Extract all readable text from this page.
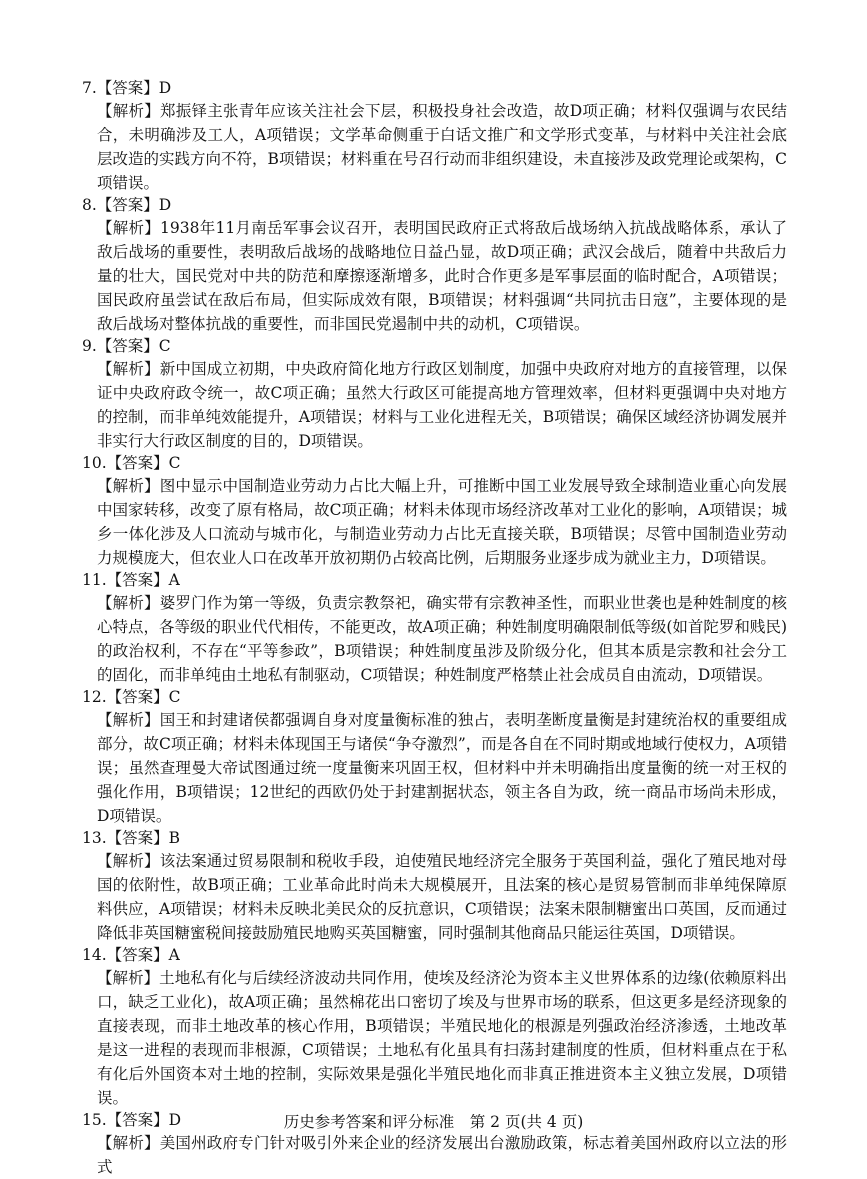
7.【答案】D
【解析】郑振铎主张青年应该关注社会下层，积极投身社会改造，故D项正确；材料仅强调与农民结合，未明确涉及工人，A项错误；文学革命侧重于白话文推广和文学形式变革，与材料中关注社会底层改造的实践方向不符，B项错误；材料重在号召行动而非组织建设，未直接涉及政党理论或架构，C项错误。
8.【答案】D
【解析】1938年11月南岳军事会议召开，表明国民政府正式将敌后战场纳入抗战战略体系，承认了敌后战场的重要性，表明敌后战场的战略地位日益凸显，故D项正确；武汉会战后，随着中共敌后力量的壮大，国民党对中共的防范和摩擦逐渐增多，此时合作更多是军事层面的临时配合，A项错误；国民政府虽尝试在敌后布局，但实际成效有限，B项错误；材料强调“共同抗击日寇”，主要体现的是敌后战场对整体抗战的重要性，而非国民党遏制中共的动机，C项错误。
9.【答案】C
【解析】新中国成立初期，中央政府简化地方行政区划制度，加强中央政府对地方的直接管理，以保证中央政府政令统一，故C项正确；虽然大行政区可能提高地方管理效率，但材料更强调中央对地方的控制，而非单纯效能提升，A项错误；材料与工业化进程无关，B项错误；确保区域经济协调发展并非实行大行政区制度的目的，D项错误。
10.【答案】C
【解析】图中显示中国制造业劳动力占比大幅上升，可推断中国工业发展导致全球制造业重心向发展中国家转移，改变了原有格局，故C项正确；材料未体现市场经济改革对工业化的影响，A项错误；城乡一体化涉及人口流动与城市化，与制造业劳动力占比无直接关联，B项错误；尽管中国制造业劳动力规模庞大，但农业人口在改革开放初期仍占较高比例，后期服务业逐步成为就业主力，D项错误。
11.【答案】A
【解析】婆罗门作为第一等级，负责宗教祭祀，确实带有宗教神圣性，而职业世袭也是种姓制度的核心特点，各等级的职业代代相传，不能更改，故A项正确；种姓制度明确限制低等级(如首陀罗和贱民)的政治权利，不存在“平等参政”，B项错误；种姓制度虽涉及阶级分化，但其本质是宗教和社会分工的固化，而非单纯由土地私有制驱动，C项错误；种姓制度严格禁止社会成员自由流动，D项错误。
12.【答案】C
【解析】国王和封建诸侯都强调自身对度量衡标准的独占，表明垄断度量衡是封建统治权的重要组成部分，故C项正确；材料未体现国王与诸侯“争夺激烈”，而是各自在不同时期或地域行使权力，A项错误；虽然查理曼大帝试图通过统一度量衡来巩固王权，但材料中并未明确指出度量衡的统一对王权的强化作用，B项错误；12世纪的西欧仍处于封建割据状态，领主各自为政，统一商品市场尚未形成，D项错误。
13.【答案】B
【解析】该法案通过贸易限制和税收手段，迫使殖民地经济完全服务于英国利益，强化了殖民地对母国的依附性，故B项正确；工业革命此时尚未大规模展开，且法案的核心是贸易管制而非单纯保障原料供应，A项错误；材料未反映北美民众的反抗意识，C项错误；法案未限制糖蜜出口英国，反而通过降低非英国糖蜜税间接鼓励殖民地购买英国糖蜜，同时强制其他商品只能运往英国，D项错误。
14.【答案】A
【解析】土地私有化与后续经济波动共同作用，使埃及经济沦为资本主义世界体系的边缘(依赖原料出口，缺乏工业化)，故A项正确；虽然棉花出口密切了埃及与世界市场的联系，但这更多是经济现象的直接表现，而非土地改革的核心作用，B项错误；半殖民地化的根源是列强政治经济渗透，土地改革是这一进程的表现而非根源，C项错误；土地私有化虽具有扫荡封建制度的性质，但材料重点在于私有化后外国资本对土地的控制，实际效果是强化半殖民地化而非真正推进资本主义独立发展，D项错误。
15.【答案】D
【解析】美国州政府专门针对吸引外来企业的经济发展出台激励政策，标志着美国州政府以立法的形式
历史参考答案和评分标准　第 2 页(共 4 页)
